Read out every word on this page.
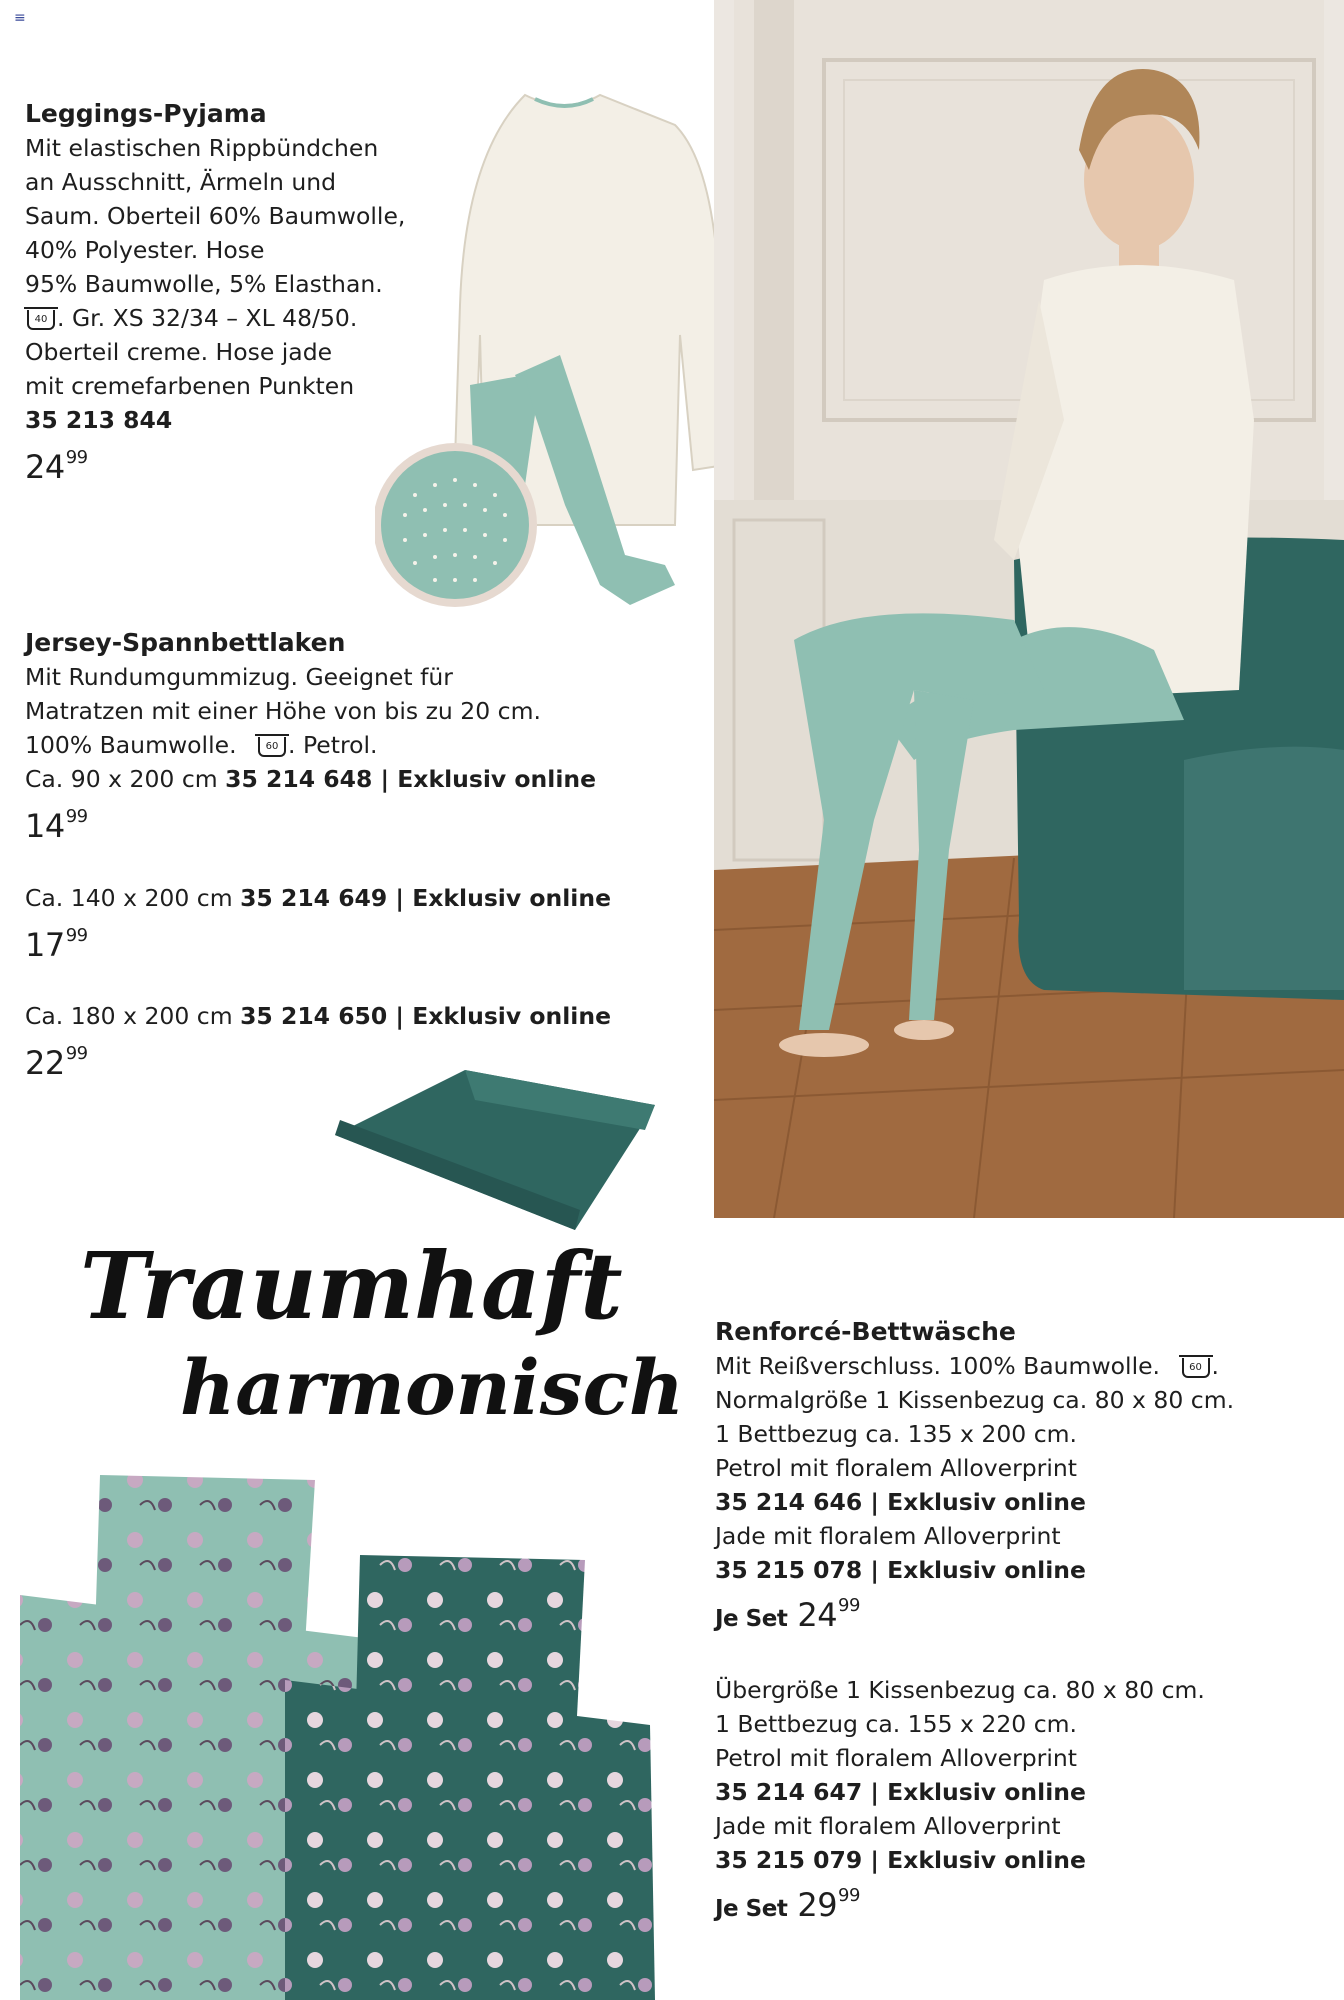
≡
Leggings-Pyjama
Mit elastischen Rippbündchen
an Ausschnitt, Ärmeln und
Saum. Oberteil 60% Baumwolle,
40% Polyester. Hose
95% Baumwolle, 5% Elasthan.
40 . Gr. XS 32/34 – XL 48/50.
Oberteil creme. Hose jade
mit cremefarbenen Punkten
35 213 844
$24^{99}$
Jersey-Spannbettlaken
Mit Rundumgummizug. Geeignet für
Matratzen mit einer Höhe von bis zu 20 cm.
100% Baumwolle.	60 . Petrol.
Ca. 90 x 200 cm 35 214 648 | Exklusiv online
$14^{99}$
Ca. 140 x 200 cm 35 214 649 | Exklusiv online
$17^{99}$
Ca. 180 x 200 cm 35 214 650 | Exklusiv online
$22^{99}$
Traumhaft
harmonisch
Renforcé-Bettwäsche
Mit Reißverschluss. 100% Baumwolle.	60 .
Normalgröße 1 Kissenbezug ca. 80 x 80 cm.
1 Bettbezug ca. 135 x 200 cm.
Petrol mit floralem Alloverprint
35 214 646 | Exklusiv online
Jade mit floralem Alloverprint
35 215 078 | Exklusiv online
Je Set $24^{99}$
Übergröße 1 Kissenbezug ca. 80 x 80 cm.
1 Bettbezug ca. 155 x 220 cm.
Petrol mit floralem Alloverprint
35 214 647 | Exklusiv online
Jade mit floralem Alloverprint
35 215 079 | Exklusiv online
Je Set $29^{99}$
